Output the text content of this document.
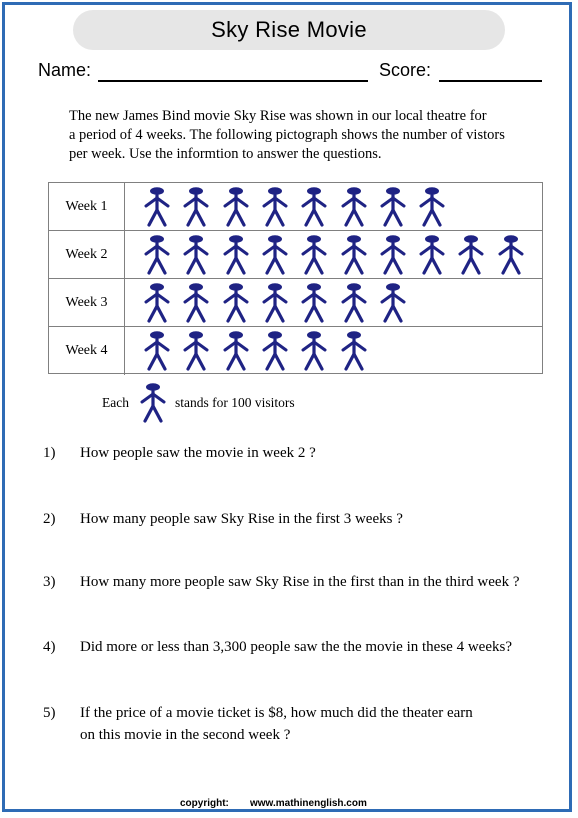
Sky Rise Movie
Name:	Score:
The new James Bind movie Sky Rise was shown in our local theatre for
a period of 4 weeks. The following pictograph shows the number of vistors
per week. Use the informtion to answer the questions.
Week 1
Week 2
Week 3
Week 4
Each	stands for 100 visitors
1) How people saw the movie in week 2 ?
2) How many people saw Sky Rise in the first 3 weeks ?
3) How many more people saw Sky Rise in the first than in the third week ?
4) Did more or less than 3,300 people saw the the movie in these 4 weeks?
5) If the price of a movie ticket is $8, how much did the theater earn
on this movie in the second week ?
copyright: www.mathinenglish.com
